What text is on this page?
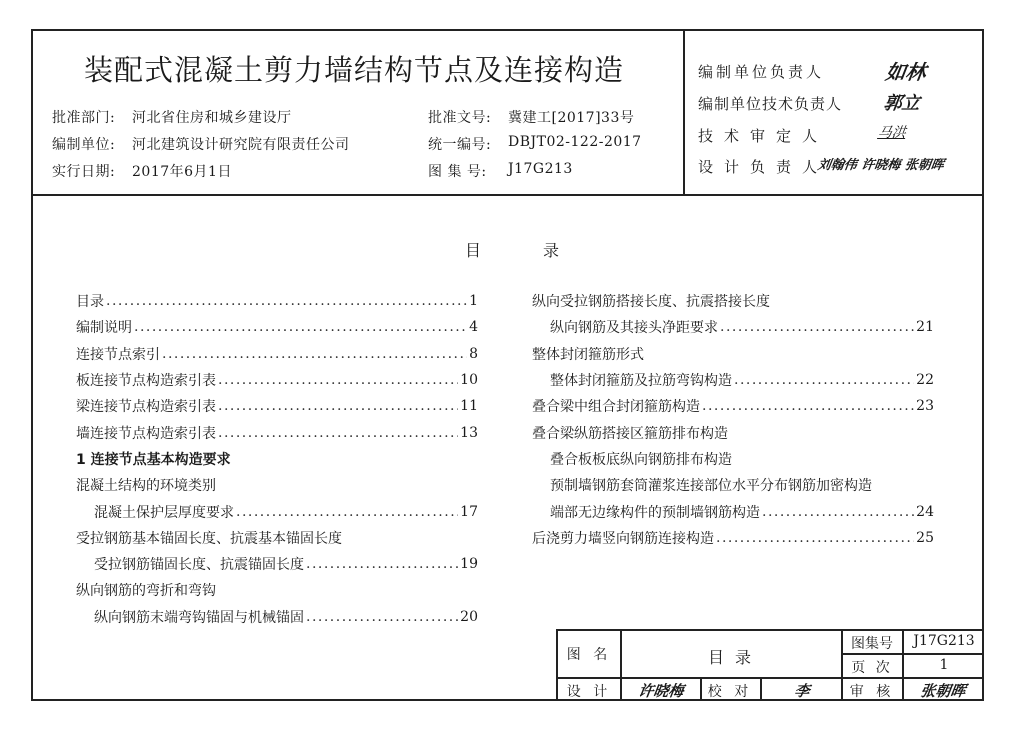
装配式混凝土剪力墙结构节点及连接构造
批准部门: 河北省住房和城乡建设厅
编制单位: 河北建筑设计研究院有限责任公司
实行日期: 2017年6月1日
批准文号: 冀建工[2017]33号
统一编号: DBJT02-122-2017
图 集 号: J17G213
编制单位负责人	如林
编制单位技术负责人 郭立
技术审定人	马洪
设计负责人
刘翰伟 许晓梅 张朝晖
目	录
目录 .....	1
编制说明 .....	4
连接节点索引 .....	8
板连接节点构造索引表 .....	10
梁连接节点构造索引表 .....	11
墙连接节点构造索引表 .....	13
1 连接节点基本构造要求
混凝土结构的环境类别
混凝土保护层厚度要求 .....	17
受拉钢筋基本锚固长度、抗震基本锚固长度
受拉钢筋锚固长度、抗震锚固长度 .....	19
纵向钢筋的弯折和弯钩
纵向钢筋末端弯钩锚固与机械锚固 .....	20
纵向受拉钢筋搭接长度、抗震搭接长度
纵向钢筋及其接头净距要求 .....	21
整体封闭箍筋形式
整体封闭箍筋及拉筋弯钩构造 .....	22
叠合梁中组合封闭箍筋构造 .....	23
叠合梁纵筋搭接区箍筋排布构造
叠合板板底纵向钢筋排布构造
预制墙钢筋套筒灌浆连接部位水平分布钢筋加密构造
端部无边缘构件的预制墙钢筋构造 .....	24
后浇剪力墙竖向钢筋连接构造 .....	25
图 名	目 录
图集号	J17G213
页 次	1
设 计	许晓梅	校 对	李	审 核	张朝晖
